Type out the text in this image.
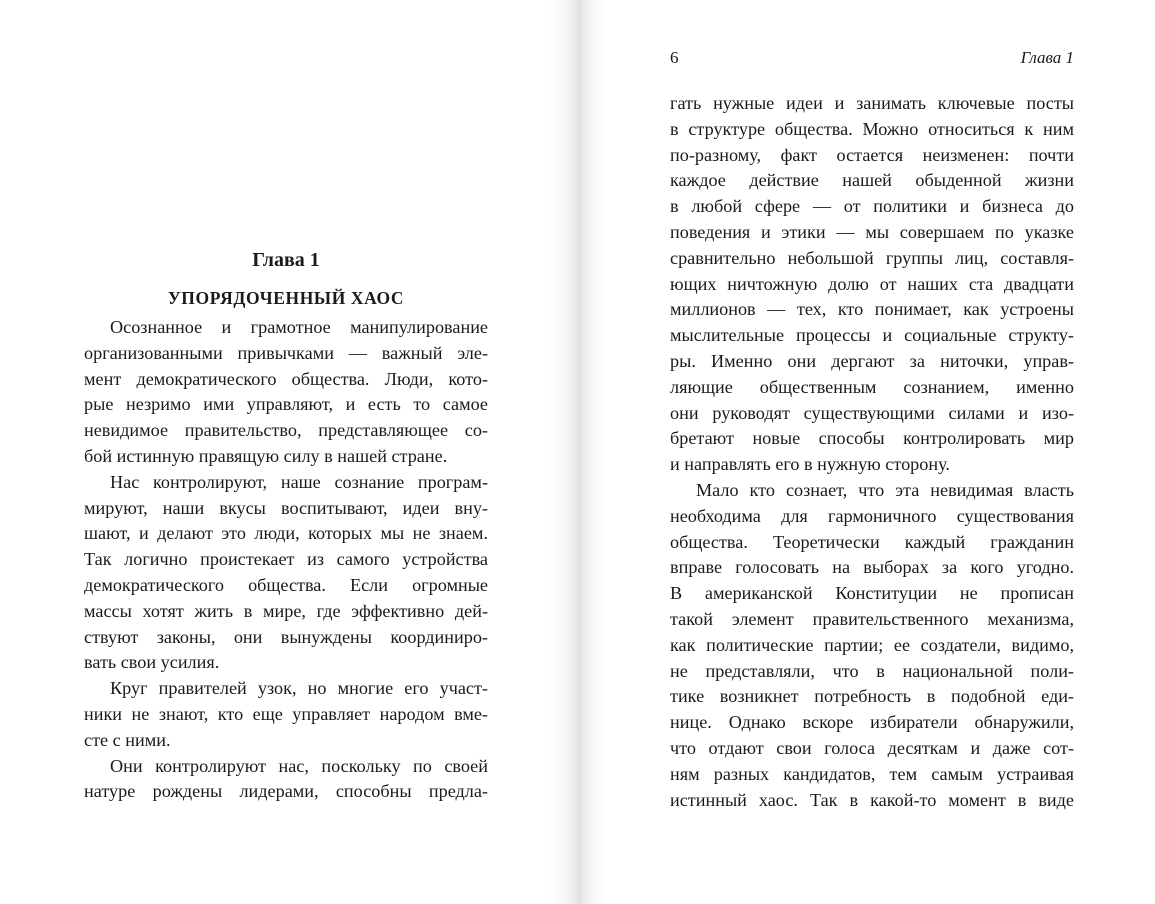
Глава 1
УПОРЯДОЧЕННЫЙ ХАОС
Осознанное и грамотное манипулирование
организованными привычками — важный эле-
мент демократического общества. Люди, кото-
рые незримо ими управляют, и есть то самое
невидимое правительство, представляющее со-
бой истинную правящую силу в нашей стране.
Нас контролируют, наше сознание програм-
мируют, наши вкусы воспитывают, идеи вну-
шают, и делают это люди, которых мы не знаем.
Так логично проистекает из самого устройства
демократического общества. Если огромные
массы хотят жить в мире, где эффективно дей-
ствуют законы, они вынуждены координиро-
вать свои усилия.
Круг правителей узок, но многие его участ-
ники не знают, кто еще управляет народом вме-
сте с ними.
Они контролируют нас, поскольку по своей
натуре рождены лидерами, способны предла-
6	Глава 1
гать нужные идеи и занимать ключевые посты
в структуре общества. Можно относиться к ним
по-разному, факт остается неизменен: почти
каждое действие нашей обыденной жизни
в любой сфере — от политики и бизнеса до
поведения и этики — мы совершаем по указке
сравнительно небольшой группы лиц, составля-
ющих ничтожную долю от наших ста двадцати
миллионов — тех, кто понимает, как устроены
мыслительные процессы и социальные структу-
ры. Именно они дергают за ниточки, управ-
ляющие общественным сознанием, именно
они руководят существующими силами и изо-
бретают новые способы контролировать мир
и направлять его в нужную сторону.
Мало кто сознает, что эта невидимая власть
необходима для гармоничного существования
общества. Теоретически каждый гражданин
вправе голосовать на выборах за кого угодно.
В американской Конституции не прописан
такой элемент правительственного механизма,
как политические партии; ее создатели, видимо,
не представляли, что в национальной поли-
тике возникнет потребность в подобной еди-
нице. Однако вскоре избиратели обнаружили,
что отдают свои голоса десяткам и даже сот-
ням разных кандидатов, тем самым устраивая
истинный хаос. Так в какой-то момент в виде
